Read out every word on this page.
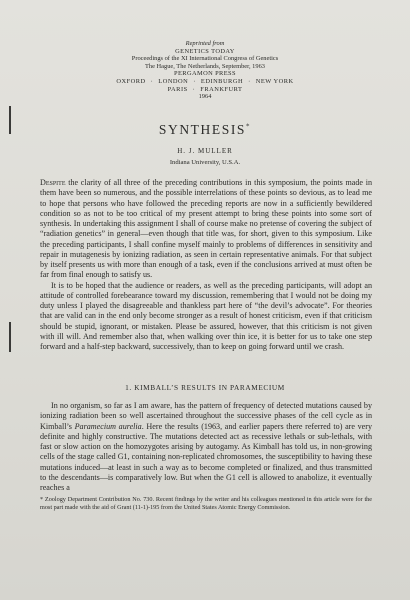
Reprinted from
GENETICS TODAY
Proceedings of the XI International Congress of Genetics
The Hague, The Netherlands, September, 1963
PERGAMON PRESS
OXFORD · LONDON · EDINBURGH · NEW YORK
PARIS · FRANKFURT
1964
SYNTHESIS*
H. J. MULLER
Indiana University, U.S.A.

Despite the clarity of all three of the preceding contributions in this symposium, the points made in them have been so numerous, and the possible interrelations of these points so devious, as to lead me to hope that persons who have followed the preceding reports are now in a sufficiently bewildered condition so as not to be too critical of my present attempt to bring these points into some sort of synthesis. In undertaking this assignment I shall of course make no pretense of covering the subject of “radiation genetics” in general—even though that title was, for short, given to this symposium. Like the preceding participants, I shall confine myself mainly to problems of differences in sensitivity and repair in mutagenesis by ionizing radiation, as seen in certain representative animals. For that subject by itself presents us with more than enough of a task, even if the conclusions arrived at must often be far from final enough to satisfy us.

It is to be hoped that the audience or readers, as well as the preceding participants, will adopt an attitude of controlled forebearance toward my discussion, remembering that I would not be doing my duty unless I played the disagreeable and thankless part here of “the devil’s advocate”. For theories that are valid can in the end only become stronger as a result of honest criticism, even if that criticism should be stupid, ignorant, or mistaken. Please be assured, however, that this criticism is not given with ill will. And remember also that, when walking over thin ice, it is better for us to take one step forward and a half-step backward, successively, than to keep on going forward until we crash.

1. KIMBALL’S RESULTS IN PARAMECIUM

In no organism, so far as I am aware, has the pattern of frequency of detected mutations caused by ionizing radiation been so well ascertained throughout the successive phases of the cell cycle as in Kimball’s Paramecium aurelia. Here the results (1963, and earlier papers there referred to) are very definite and highly constructive. The mutations detected act as recessive lethals or sub-lethals, with fast or slow action on the homozygotes arising by autogamy. As Kimball has told us, in non-growing cells of the stage called G1, containing non-replicated chromosomes, the susceptibility to having these mutations induced—at least in such a way as to become completed or finalized, and thus transmitted to the descendants—is comparatively low. But when the G1 cell is allowed to anabolize, it eventually reaches a

* Zoology Department Contribution No. 730. Recent findings by the writer and his colleagues mentioned in this article were for the most part made with the aid of Grant (11-1)-195 from the United States Atomic Energy Commission.
